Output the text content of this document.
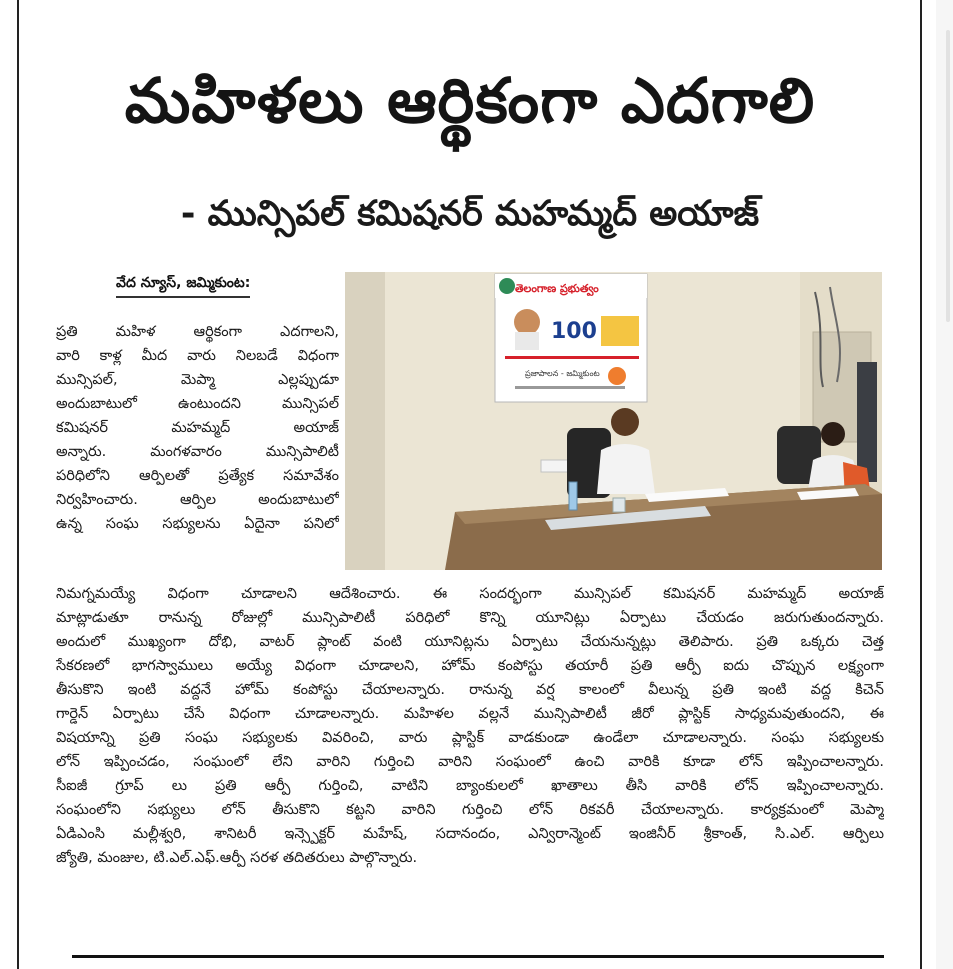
మహిళలు ఆర్థికంగా ఎదగాలి
- మున్సిపల్ కమిషనర్ మహమ్మద్ అయాజ్
వేద న్యూస్, జమ్మికుంట:	తెలంగాణ ప్రభుత్వం
100
ప్రజాపాలన - జమ్మికుంట
ప్రతి మహిళ ఆర్థికంగా ఎదగాలని,
వారి కాళ్ల మీద వారు నిలబడే విధంగా
మున్సిపల్, మెప్మా ఎల్లప్పుడూ
అందుబాటులో ఉంటుందని మున్సిపల్
కమిషనర్ మహమ్మద్ అయాజ్
అన్నారు. మంగళవారం మున్సిపాలిటీ
పరిధిలోని ఆర్పిలతో ప్రత్యేక సమావేశం
నిర్వహించారు. ఆర్పిల అందుబాటులో
ఉన్న సంఘ సభ్యులను ఏదైనా పనిలో
నిమగ్నమయ్యే విధంగా చూడాలని ఆదేశించారు. ఈ సందర్భంగా మున్సిపల్ కమిషనర్ మహమ్మద్ అయాజ్
మాట్లాడుతూ రానున్న రోజుల్లో మున్సిపాలిటీ పరిధిలో కొన్ని యూనిట్లు ఏర్పాటు చేయడం జరుగుతుందన్నారు.
అందులో ముఖ్యంగా దోభి, వాటర్ ప్లాంట్ వంటి యూనిట్లను ఏర్పాటు చేయనున్నట్లు తెలిపారు. ప్రతి ఒక్కరు చెత్త
సేకరణలో భాగస్వాములు అయ్యే విధంగా చూడాలని, హోమ్ కంపోస్టు తయారీ ప్రతి ఆర్పీ ఐదు చొప్పున లక్ష్యంగా
తీసుకొని ఇంటి వద్దనే హోమ్ కంపోస్టు చేయాలన్నారు. రానున్న వర్ష కాలంలో వీలున్న ప్రతి ఇంటి వద్ద కిచెన్
గార్డెన్ ఏర్పాటు చేసే విధంగా చూడాలన్నారు. మహిళల వల్లనే మున్సిపాలిటీ జీరో ప్లాస్టిక్ సాధ్యమవుతుందని, ఈ
విషయాన్ని ప్రతి సంఘ సభ్యులకు వివరించి, వారు ప్లాస్టిక్ వాడకుండా ఉండేలా చూడాలన్నారు. సంఘ సభ్యులకు
లోన్ ఇప్పించడం, సంఘంలో లేని వారిని గుర్తించి వారిని సంఘంలో ఉంచి వారికి కూడా లోన్ ఇప్పించాలన్నారు.
సీఐజీ గ్రూప్ లు ప్రతి ఆర్పీ గుర్తించి, వాటిని బ్యాంకులలో ఖాతాలు తీసి వారికి లోన్ ఇప్పించాలన్నారు.
సంఘంలోని సభ్యులు లోన్ తీసుకొని కట్టని వారిని గుర్తించి లోన్ రికవరీ చేయాలన్నారు. కార్యక్రమంలో మెప్మా
ఏడిఎంసి మల్లీశ్వరి, శానిటరీ ఇన్స్పెక్టర్ మహేష్, సదానందం, ఎన్విరాన్మెంట్ ఇంజినీర్ శ్రీకాంత్, సి.ఎల్. ఆర్పిలు
జ్యోతి, మంజుల, టి.ఎల్.ఎఫ్.ఆర్పీ సరళ తదితరులు పాల్గొన్నారు.
